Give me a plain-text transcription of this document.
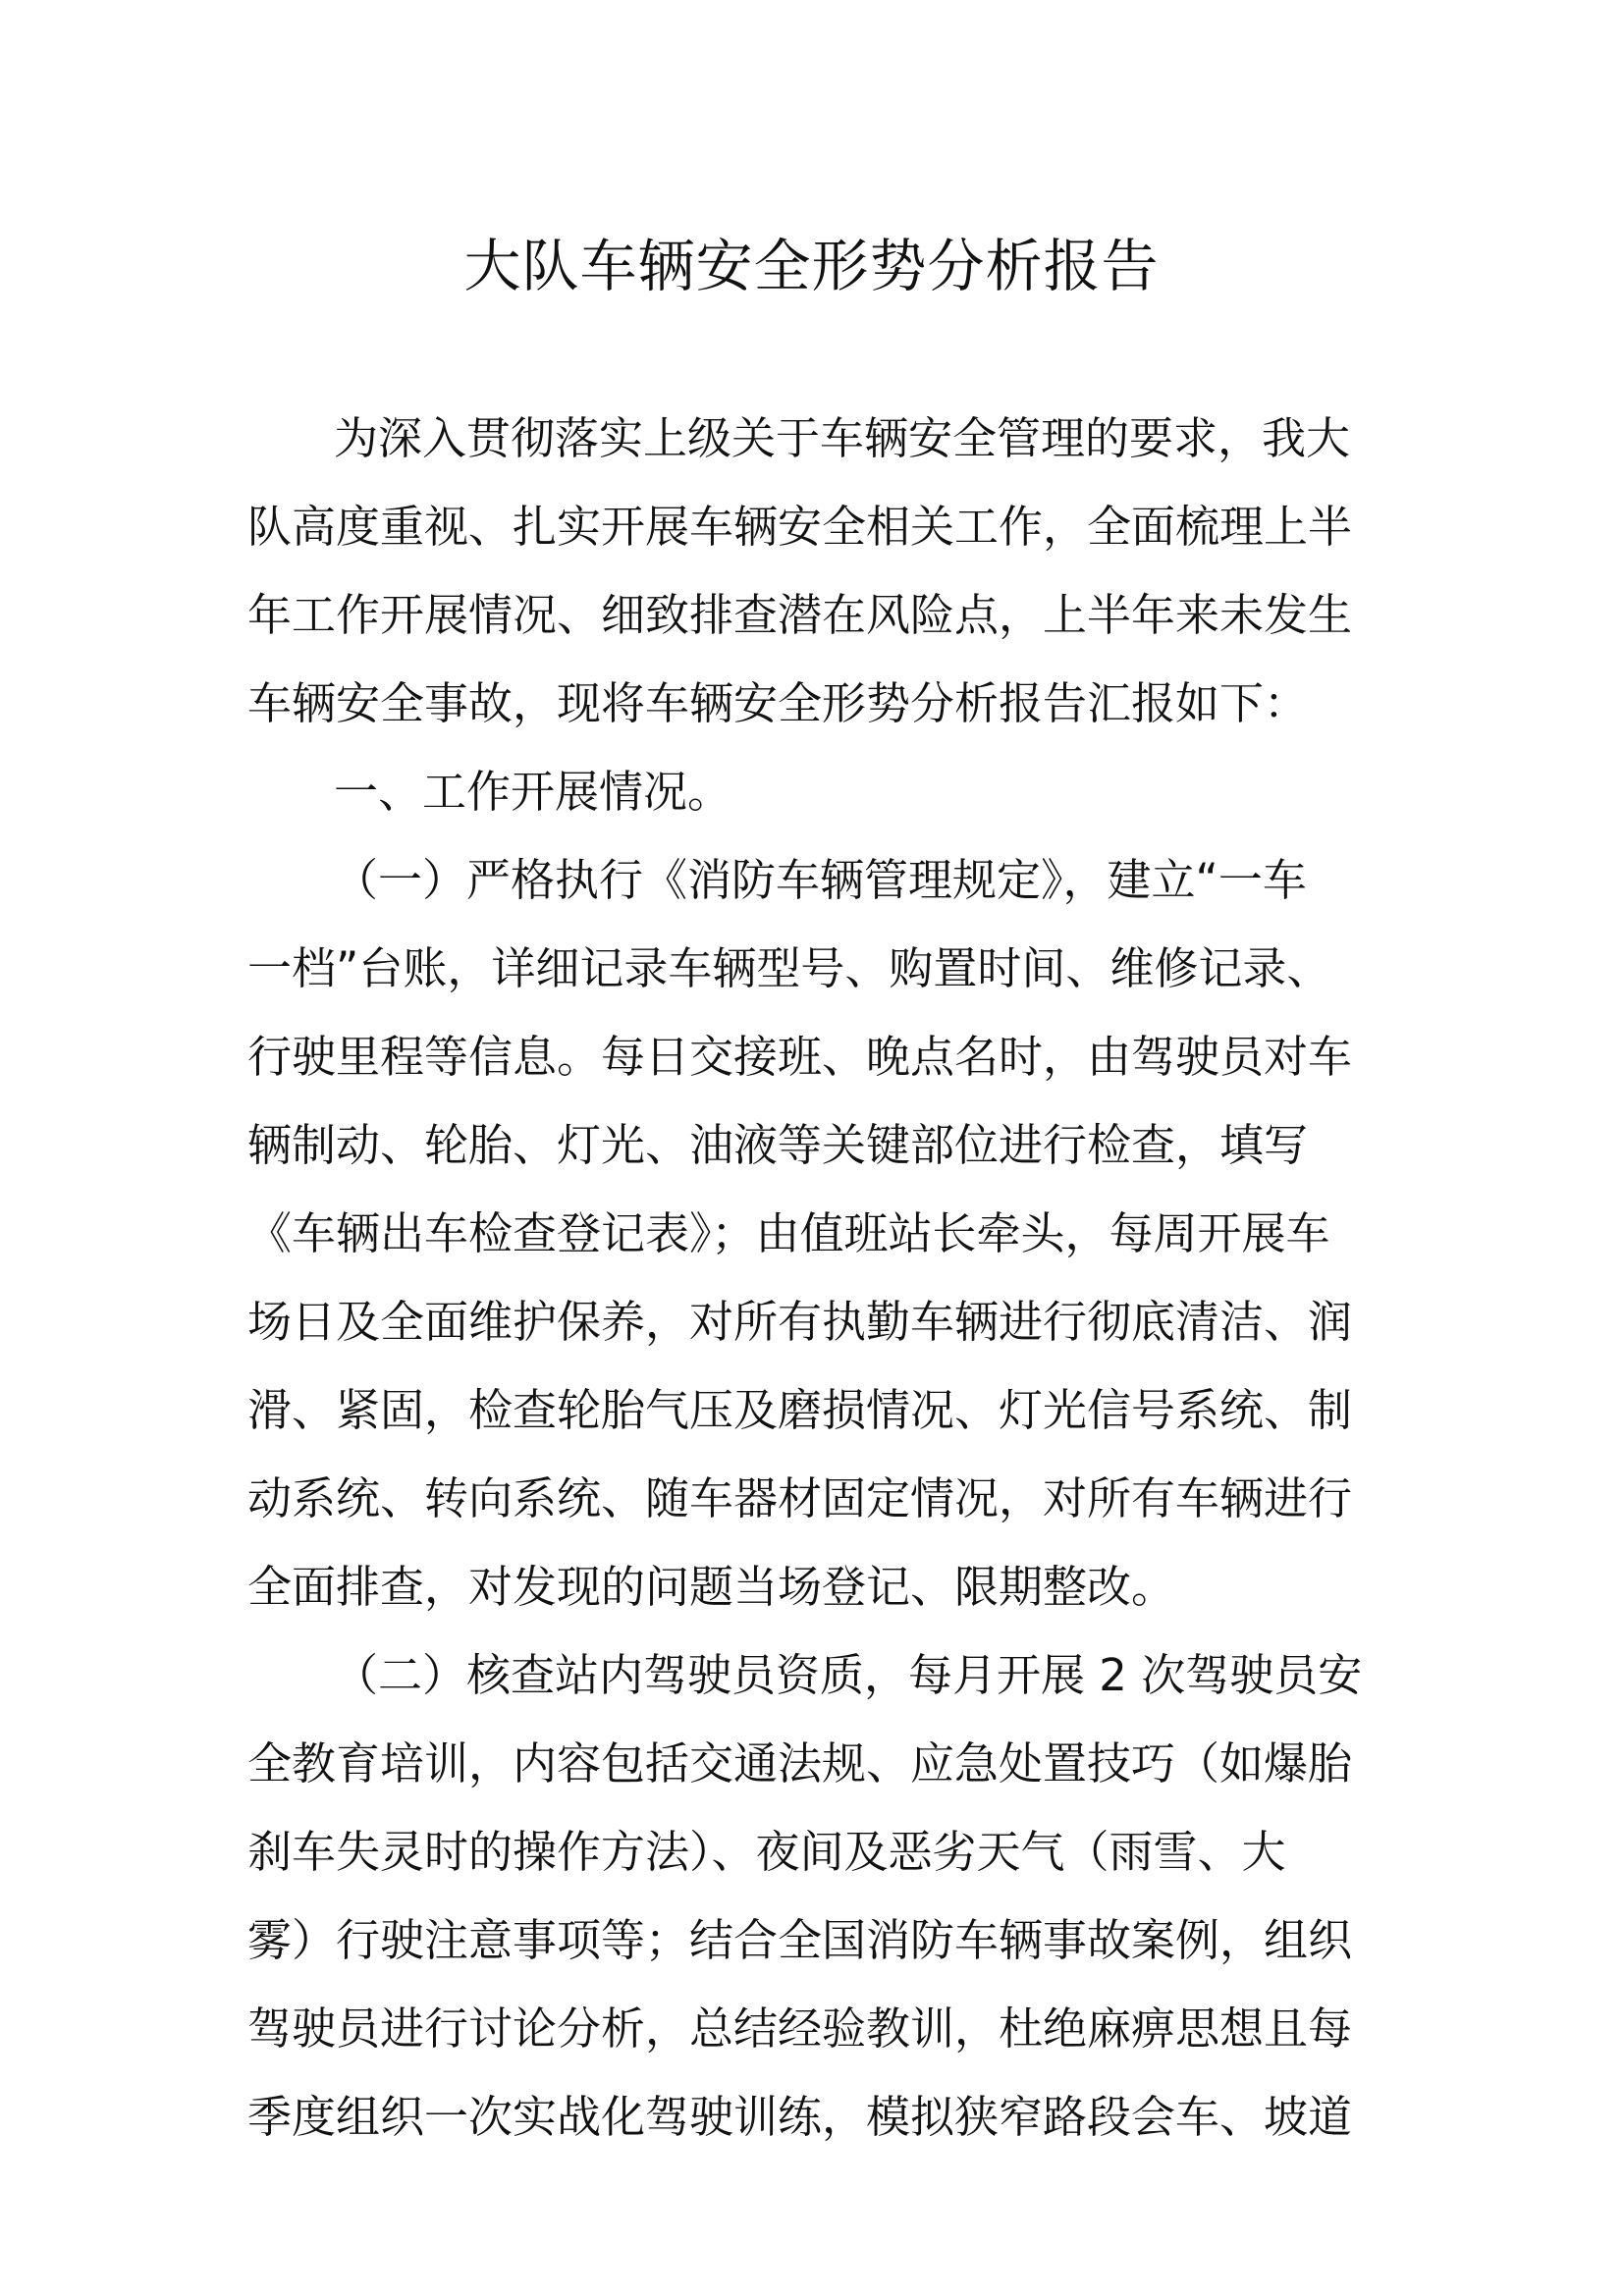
大队车辆安全形势分析报告
为深入贯彻落实上级关于车辆安全管理的要求，我大
队高度重视、扎实开展车辆安全相关工作，全面梳理上半
年工作开展情况、细致排查潜在风险点，上半年来未发生
车辆安全事故，现将车辆安全形势分析报告汇报如下：
一、工作开展情况。
（一）严格执行《消防车辆管理规定》，建立“一车
一档”台账，详细记录车辆型号、购置时间、维修记录、
行驶里程等信息。每日交接班、晚点名时，由驾驶员对车
辆制动、轮胎、灯光、油液等关键部位进行检查，填写
《车辆出车检查登记表》；由值班站长牵头，每周开展车
场日及全面维护保养，对所有执勤车辆进行彻底清洁、润
滑、紧固，检查轮胎气压及磨损情况、灯光信号系统、制
动系统、转向系统、随车器材固定情况，对所有车辆进行
全面排查，对发现的问题当场登记、限期整改。
（二）核查站内驾驶员资质，每月开展 2 次驾驶员安
全教育培训，内容包括交通法规、应急处置技巧（如爆胎
刹车失灵时的操作方法）、夜间及恶劣天气（雨雪、大
雾）行驶注意事项等；结合全国消防车辆事故案例，组织
驾驶员进行讨论分析，总结经验教训，杜绝麻痹思想且每
季度组织一次实战化驾驶训练，模拟狭窄路段会车、坡道
